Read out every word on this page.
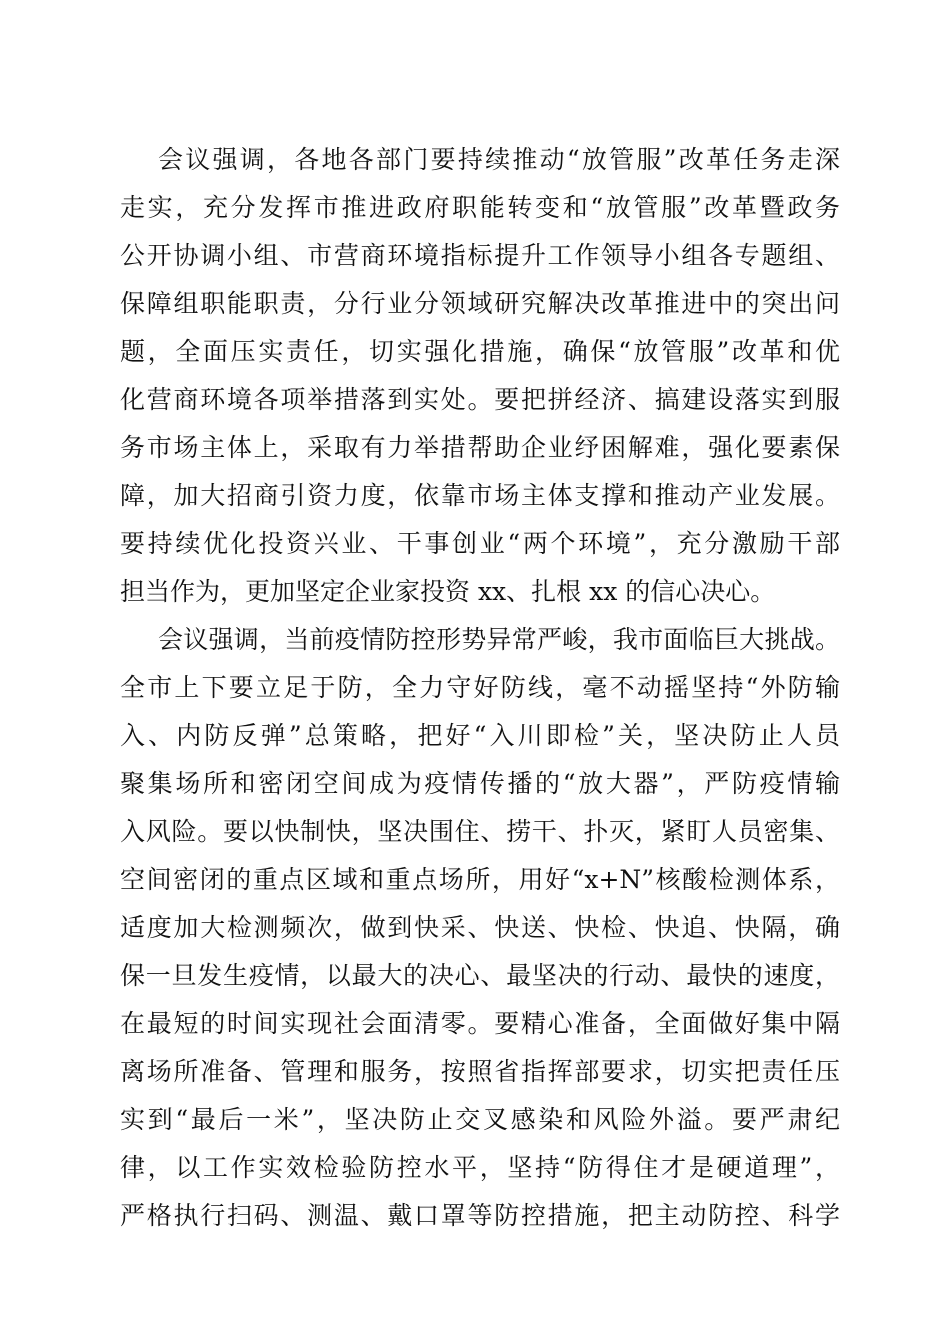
会议强调，各地各部门要持续推动“放管服”改革任务走深
走实，充分发挥市推进政府职能转变和“放管服”改革暨政务
公开协调小组、市营商环境指标提升工作领导小组各专题组、
保障组职能职责，分行业分领域研究解决改革推进中的突出问
题，全面压实责任，切实强化措施，确保“放管服”改革和优
化营商环境各项举措落到实处。要把拼经济、搞建设落实到服
务市场主体上，采取有力举措帮助企业纾困解难，强化要素保
障，加大招商引资力度，依靠市场主体支撑和推动产业发展。
要持续优化投资兴业、干事创业“两个环境”，充分激励干部
担当作为，更加坚定企业家投资 xx、扎根 xx 的信心决心。
会议强调，当前疫情防控形势异常严峻，我市面临巨大挑战。
全市上下要立足于防，全力守好防线，毫不动摇坚持“外防输
入、内防反弹”总策略，把好“入川即检”关，坚决防止人员
聚集场所和密闭空间成为疫情传播的“放大器”，严防疫情输
入风险。要以快制快，坚决围住、捞干、扑灭，紧盯人员密集、
空间密闭的重点区域和重点场所，用好“x+N”核酸检测体系，
适度加大检测频次，做到快采、快送、快检、快追、快隔，确
保一旦发生疫情，以最大的决心、最坚决的行动、最快的速度，
在最短的时间实现社会面清零。要精心准备，全面做好集中隔
离场所准备、管理和服务，按照省指挥部要求，切实把责任压
实到“最后一米”，坚决防止交叉感染和风险外溢。要严肃纪
律，以工作实效检验防控水平，坚持“防得住才是硬道理”，
严格执行扫码、测温、戴口罩等防控措施，把主动防控、科学
